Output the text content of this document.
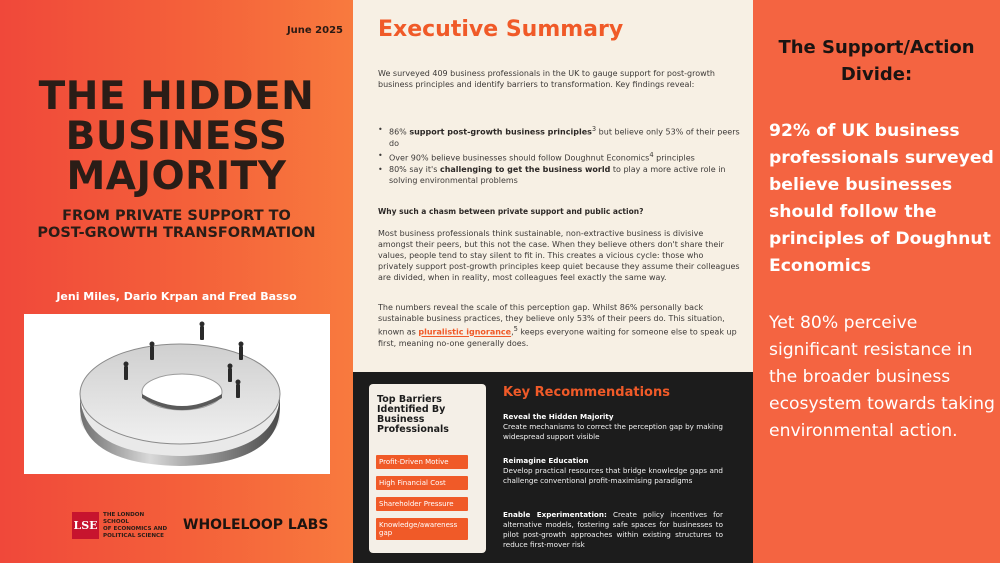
June 2025
THE HIDDEN
BUSINESS
MAJORITY
FROM PRIVATE SUPPORT TO
POST-GROWTH TRANSFORMATION
Jeni Miles, Dario Krpan and Fred Basso
LSE
THE LONDON SCHOOL
OF ECONOMICS AND
POLITICAL SCIENCE
WHOLELOOP LABS
Executive Summary
We surveyed 409 business professionals in the UK to gauge support for post-growth business principles and identify barriers to transformation. Key findings reveal:
• 86% support post-growth business principles$^3$ but believe only 53% of their peers do
• Over 90% believe businesses should follow Doughnut Economics$^4$ principles
• 80% say it's challenging to get the business world to play a more active role in solving environmental problems
Why such a chasm between private support and public action?
Most business professionals think sustainable, non-extractive business is divisive amongst their peers, but this not the case. When they believe others don't share their values, people tend to stay silent to fit in. This creates a vicious cycle: those who privately support post-growth principles keep quiet because they assume their colleagues are divided, when in reality, most colleagues feel exactly the same way.
The numbers reveal the scale of this perception gap. Whilst 86% personally back sustainable business practices, they believe only 53% of their peers do. This situation, known as pluralistic ignorance,$^5$ keeps everyone waiting for someone else to speak up first, meaning no-one generally does.
Top Barriers Identified By Business Professionals
Profit-Driven Motive
High Financial Cost
Shareholder Pressure
Knowledge/awareness gap
Key Recommendations
Reveal the Hidden Majority
Create mechanisms to correct the perception gap by making widespread support visible
Reimagine Education
Develop practical resources that bridge knowledge gaps and challenge conventional profit-maximising paradigms
Enable Experimentation: Create policy incentives for alternative models, fostering safe spaces for businesses to pilot post-growth approaches within existing structures to reduce first-mover risk
The Support/Action Divide:
92% of UK business professionals surveyed believe businesses should follow the principles of Doughnut Economics
Yet 80% perceive significant resistance in the broader business ecosystem towards taking environmental action.
